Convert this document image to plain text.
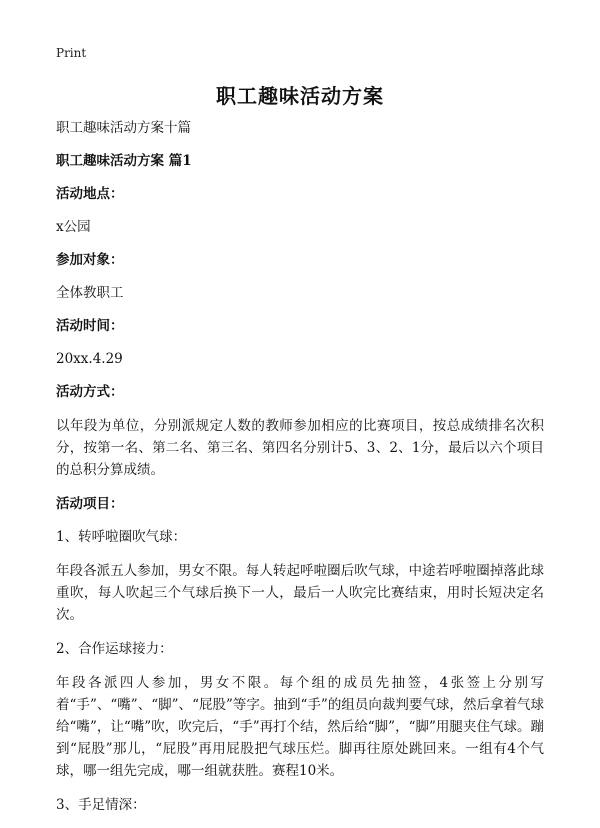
Print
职工趣味活动方案

职工趣味活动方案十篇

职工趣味活动方案 篇1

活动地点：

x公园

参加对象：

全体教职工

活动时间：

20xx.4.29

活动方式：

以年段为单位，分别派规定人数的教师参加相应的比赛项目，按总成绩排名次积分，按第一名、第二名、第三名、第四名分别计5、3、2、1分，最后以六个项目的总积分算成绩。

活动项目：

1、转呼啦圈吹气球：

年段各派五人参加，男女不限。每人转起呼啦圈后吹气球，中途若呼啦圈掉落此球重吹，每人吹起三个气球后换下一人，最后一人吹完比赛结束，用时长短决定名次。

2、合作运球接力：

年段各派四人参加，男女不限。每个组的成员先抽签，4张签上分别写着“手”、“嘴”、“脚”、“屁股”等字。抽到“手”的组员向裁判要气球，然后拿着气球给“嘴”，让“嘴”吹，吹完后，“手”再打个结，然后给“脚”，“脚”用腿夹住气球。蹦到“屁股”那儿，“屁股”再用屁股把气球压烂。脚再往原处跳回来。一组有4个气球，哪一组先完成，哪一组就获胜。赛程10米。

3、手足情深：
